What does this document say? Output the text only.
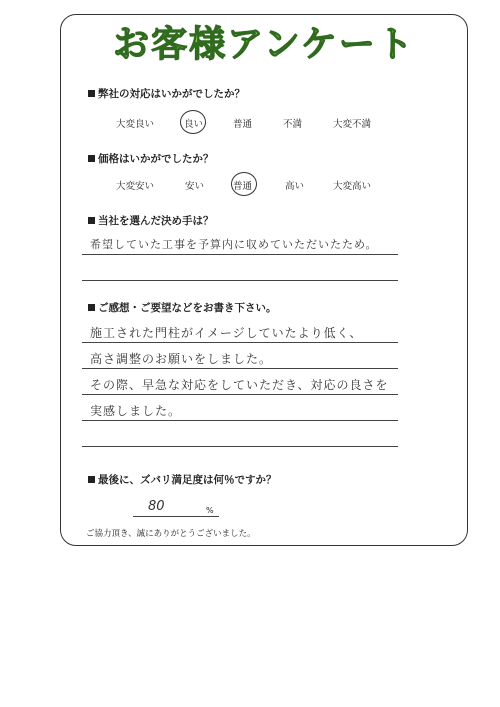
お客様アンケート
弊社の対応はいかがでしたか？
大変良い	良い	普通	不満	大変不満
価格はいかがでしたか？
大変安い	安い	普通	高い	大変高い
当社を選んだ決め手は？
希望していた工事を予算内に収めていただいたため。
ご感想・ご要望などをお書き下さい。
施工された門柱がイメージしていたより低く、
高さ調整のお願いをしました。
その際、早急な対応をしていただき、対応の良さを
実感しました。
最後に、ズバリ満足度は何％ですか？
80	%
ご協力頂き、誠にありがとうございました。
